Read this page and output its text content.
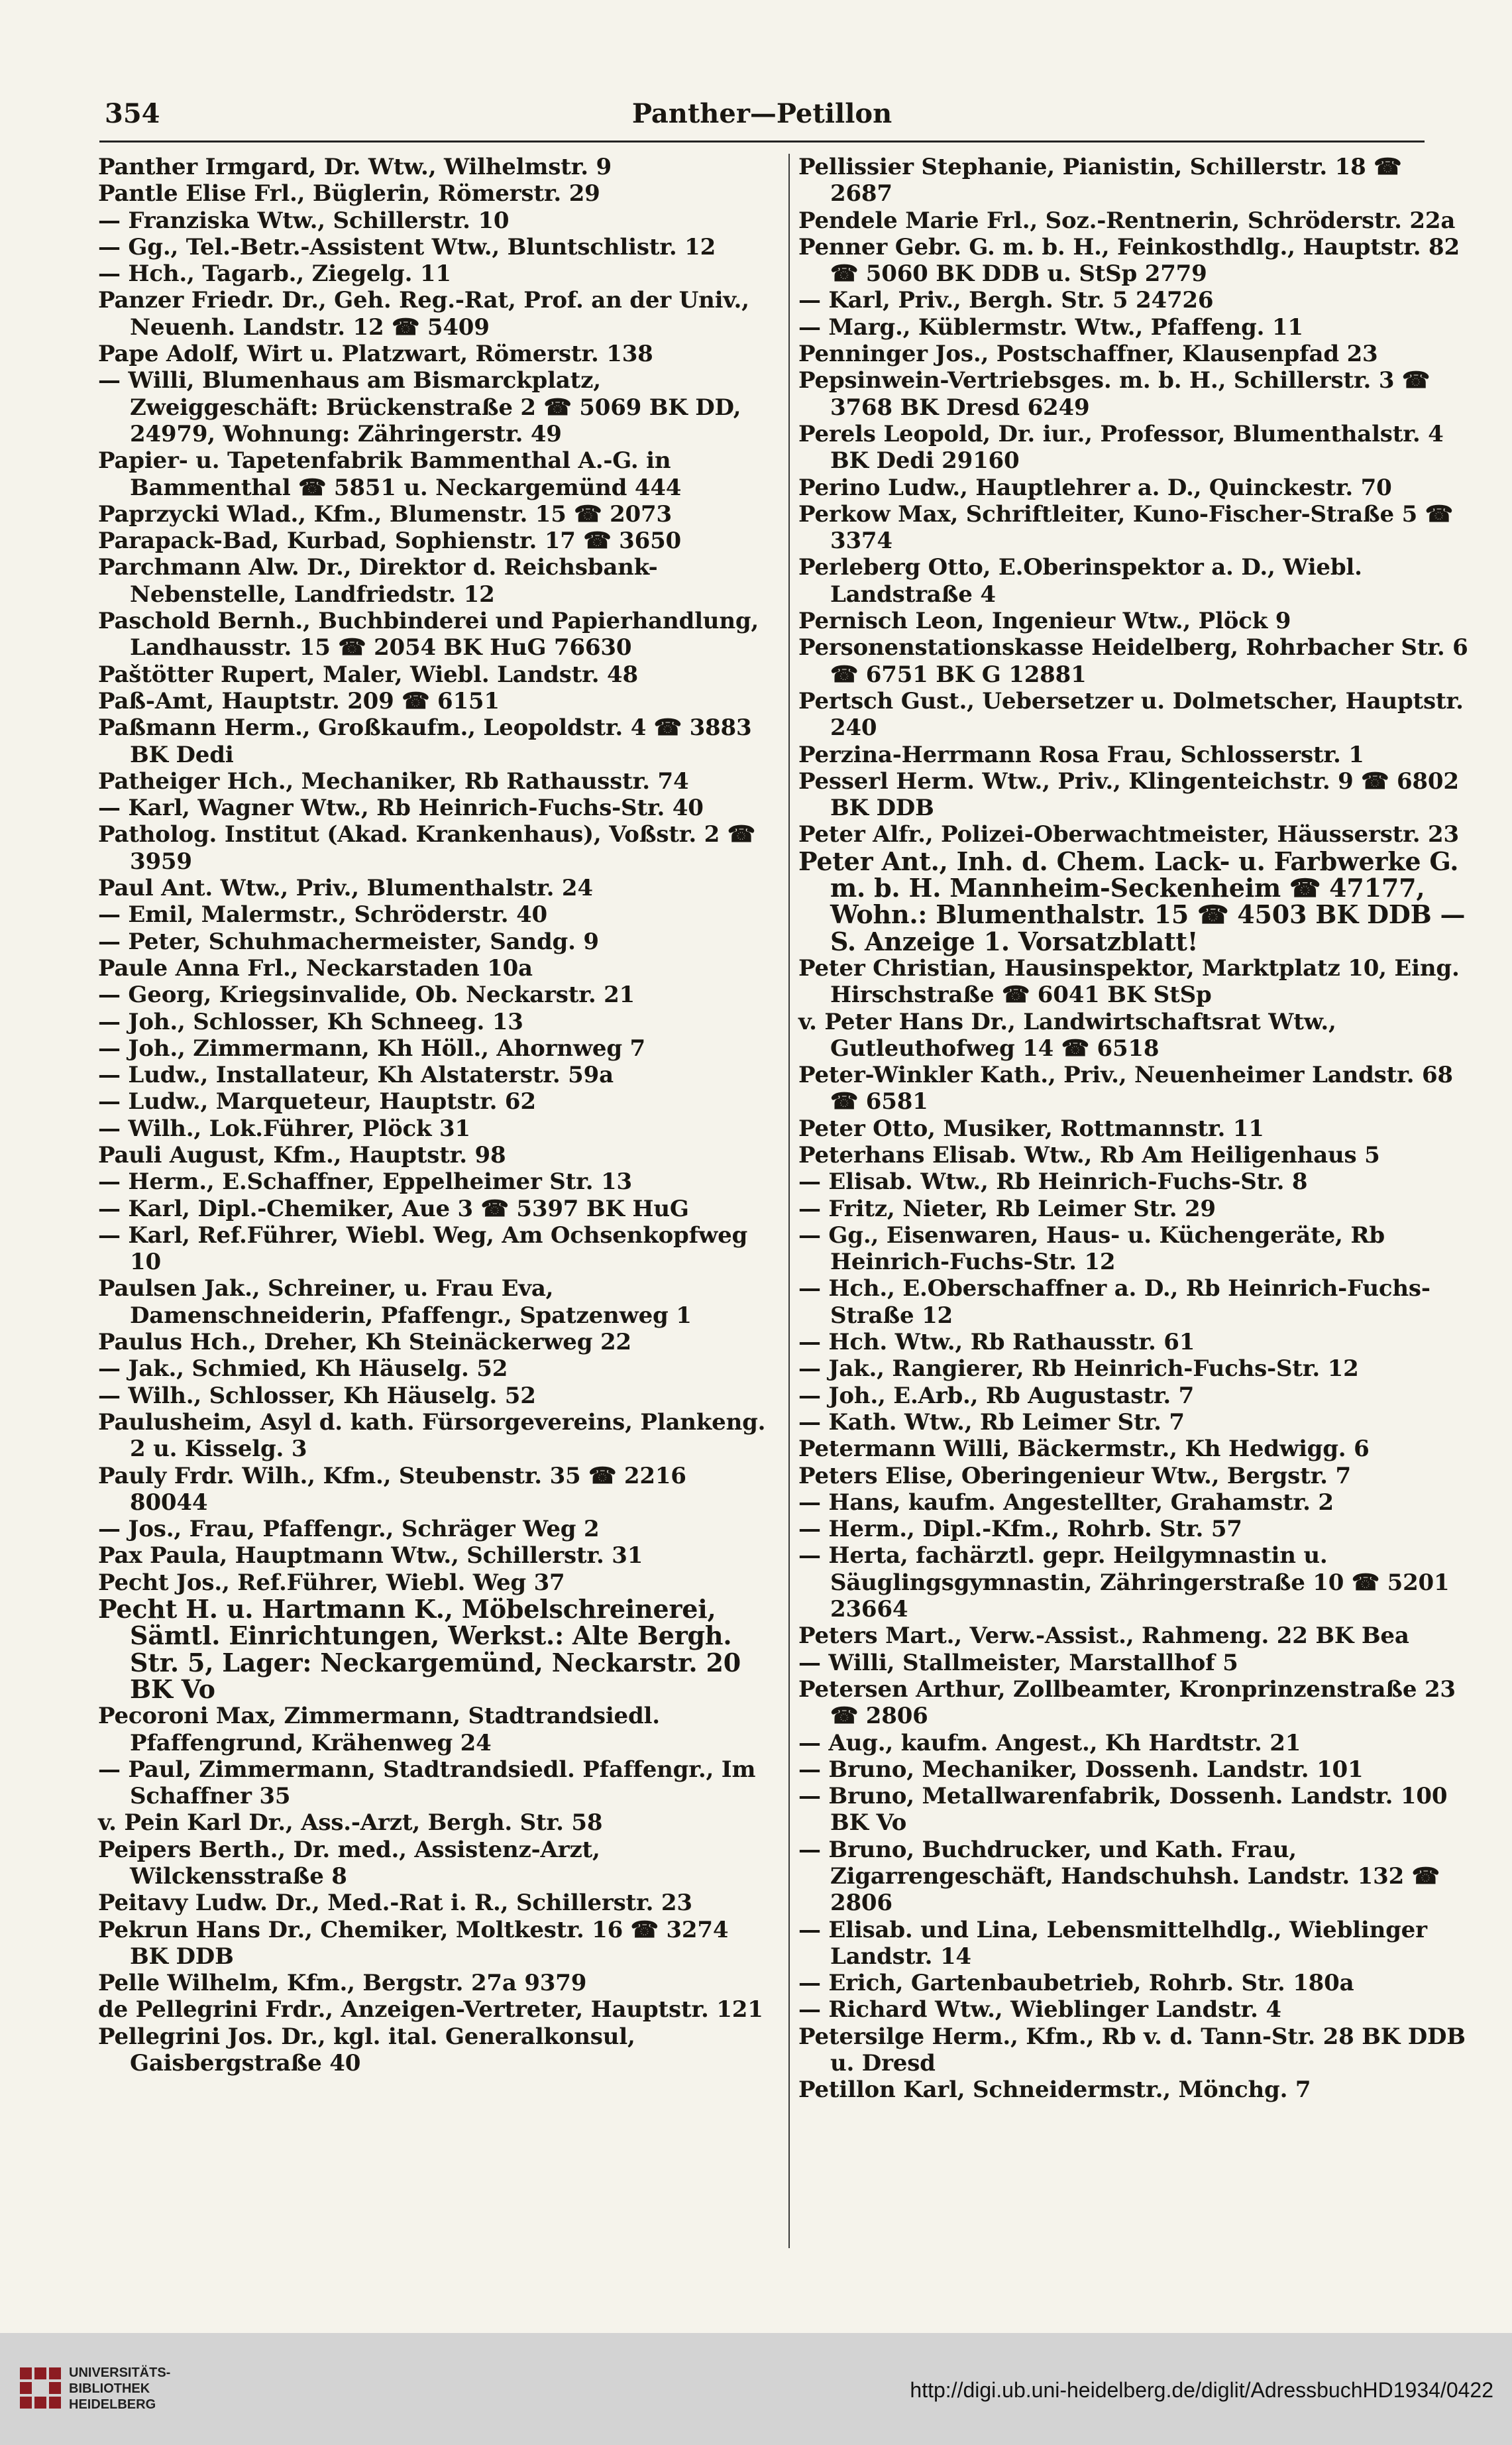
354	Panther—Petillon
Panther Irmgard, Dr. Wtw., Wilhelmstr. 9
Pantle Elise Frl., Büglerin, Römerstr. 29
— Franziska Wtw., Schillerstr. 10
— Gg., Tel.-Betr.-Assistent Wtw., Bluntschlistr. 12
— Hch., Tagarb., Ziegelg. 11
Panzer Friedr. Dr., Geh. Reg.-Rat, Prof. an der Univ., Neuenh. Landstr. 12 ☎ 5409
Pape Adolf, Wirt u. Platzwart, Römerstr. 138
— Willi, Blumenhaus am Bismarckplatz, Zweiggeschäft: Brückenstraße 2 ☎ 5069 BK DD, 24979, Wohnung: Zähringerstr. 49
Papier- u. Tapetenfabrik Bammenthal A.-G. in Bammenthal ☎ 5851 u. Neckargemünd 444
Paprzycki Wlad., Kfm., Blumenstr. 15 ☎ 2073
Parapack-Bad, Kurbad, Sophienstr. 17 ☎ 3650
Parchmann Alw. Dr., Direktor d. Reichsbank-Nebenstelle, Landfriedstr. 12
Paschold Bernh., Buchbinderei und Papierhandlung, Landhausstr. 15 ☎ 2054 BK HuG 76630
Paštötter Rupert, Maler, Wiebl. Landstr. 48
Paß-Amt, Hauptstr. 209 ☎ 6151
Paßmann Herm., Großkaufm., Leopoldstr. 4 ☎ 3883 BK Dedi
Patheiger Hch., Mechaniker, Rb Rathausstr. 74
— Karl, Wagner Wtw., Rb Heinrich-Fuchs-Str. 40
Patholog. Institut (Akad. Krankenhaus), Voßstr. 2 ☎ 3959
Paul Ant. Wtw., Priv., Blumenthalstr. 24
— Emil, Malermstr., Schröderstr. 40
— Peter, Schuhmachermeister, Sandg. 9
Paule Anna Frl., Neckarstaden 10a
— Georg, Kriegsinvalide, Ob. Neckarstr. 21
— Joh., Schlosser, Kh Schneeg. 13
— Joh., Zimmermann, Kh Höll., Ahornweg 7
— Ludw., Installateur, Kh Alstaterstr. 59a
— Ludw., Marqueteur, Hauptstr. 62
— Wilh., Lok.Führer, Plöck 31
Pauli August, Kfm., Hauptstr. 98
— Herm., E.Schaffner, Eppelheimer Str. 13
— Karl, Dipl.-Chemiker, Aue 3 ☎ 5397 BK HuG
— Karl, Ref.Führer, Wiebl. Weg, Am Ochsenkopfweg 10
Paulsen Jak., Schreiner, u. Frau Eva, Damenschneiderin, Pfaffengr., Spatzenweg 1
Paulus Hch., Dreher, Kh Steinäckerweg 22
— Jak., Schmied, Kh Häuselg. 52
— Wilh., Schlosser, Kh Häuselg. 52
Paulusheim, Asyl d. kath. Fürsorgevereins, Plankeng. 2 u. Kisselg. 3
Pauly Frdr. Wilh., Kfm., Steubenstr. 35 ☎ 2216 80044
— Jos., Frau, Pfaffengr., Schräger Weg 2
Pax Paula, Hauptmann Wtw., Schillerstr. 31
Pecht Jos., Ref.Führer, Wiebl. Weg 37
Pecht H. u. Hartmann K., Möbelschreinerei, Sämtl. Einrichtungen, Werkst.: Alte Bergh. Str. 5, Lager: Neckargemünd, Neckarstr. 20 BK Vo
Pecoroni Max, Zimmermann, Stadtrandsiedl. Pfaffengrund, Krähenweg 24
— Paul, Zimmermann, Stadtrandsiedl. Pfaffengr., Im Schaffner 35
v. Pein Karl Dr., Ass.-Arzt, Bergh. Str. 58
Peipers Berth., Dr. med., Assistenz-Arzt, Wilckensstraße 8
Peitavy Ludw. Dr., Med.-Rat i. R., Schillerstr. 23
Pekrun Hans Dr., Chemiker, Moltkestr. 16 ☎ 3274 BK DDB
Pelle Wilhelm, Kfm., Bergstr. 27a 9379
de Pellegrini Frdr., Anzeigen-Vertreter, Hauptstr. 121
Pellegrini Jos. Dr., kgl. ital. Generalkonsul, Gaisbergstraße 40
Pellissier Stephanie, Pianistin, Schillerstr. 18 ☎ 2687
Pendele Marie Frl., Soz.-Rentnerin, Schröderstr. 22a
Penner Gebr. G. m. b. H., Feinkosthdlg., Hauptstr. 82 ☎ 5060 BK DDB u. StSp 2779
— Karl, Priv., Bergh. Str. 5 24726
— Marg., Küblermstr. Wtw., Pfaffeng. 11
Penninger Jos., Postschaffner, Klausenpfad 23
Pepsinwein-Vertriebsges. m. b. H., Schillerstr. 3 ☎ 3768 BK Dresd 6249
Perels Leopold, Dr. iur., Professor, Blumenthalstr. 4 BK Dedi 29160
Perino Ludw., Hauptlehrer a. D., Quinckestr. 70
Perkow Max, Schriftleiter, Kuno-Fischer-Straße 5 ☎ 3374
Perleberg Otto, E.Oberinspektor a. D., Wiebl. Landstraße 4
Pernisch Leon, Ingenieur Wtw., Plöck 9
Personenstationskasse Heidelberg, Rohrbacher Str. 6 ☎ 6751 BK G 12881
Pertsch Gust., Uebersetzer u. Dolmetscher, Hauptstr. 240
Perzina-Herrmann Rosa Frau, Schlosserstr. 1
Pesserl Herm. Wtw., Priv., Klingenteichstr. 9 ☎ 6802 BK DDB
Peter Alfr., Polizei-Oberwachtmeister, Häusserstr. 23
Peter Ant., Inh. d. Chem. Lack- u. Farbwerke G. m. b. H. Mannheim-Seckenheim ☎ 47177, Wohn.: Blumenthalstr. 15 ☎ 4503 BK DDB — S. Anzeige 1. Vorsatzblatt!
Peter Christian, Hausinspektor, Marktplatz 10, Eing. Hirschstraße ☎ 6041 BK StSp
v. Peter Hans Dr., Landwirtschaftsrat Wtw., Gutleuthofweg 14 ☎ 6518
Peter-Winkler Kath., Priv., Neuenheimer Landstr. 68 ☎ 6581
Peter Otto, Musiker, Rottmannstr. 11
Peterhans Elisab. Wtw., Rb Am Heiligenhaus 5
— Elisab. Wtw., Rb Heinrich-Fuchs-Str. 8
— Fritz, Nieter, Rb Leimer Str. 29
— Gg., Eisenwaren, Haus- u. Küchengeräte, Rb Heinrich-Fuchs-Str. 12
— Hch., E.Oberschaffner a. D., Rb Heinrich-Fuchs-Straße 12
— Hch. Wtw., Rb Rathausstr. 61
— Jak., Rangierer, Rb Heinrich-Fuchs-Str. 12
— Joh., E.Arb., Rb Augustastr. 7
— Kath. Wtw., Rb Leimer Str. 7
Petermann Willi, Bäckermstr., Kh Hedwigg. 6
Peters Elise, Oberingenieur Wtw., Bergstr. 7
— Hans, kaufm. Angestellter, Grahamstr. 2
— Herm., Dipl.-Kfm., Rohrb. Str. 57
— Herta, fachärztl. gepr. Heilgymnastin u. Säuglingsgymnastin, Zähringerstraße 10 ☎ 5201 23664
Peters Mart., Verw.-Assist., Rahmeng. 22 BK Bea
— Willi, Stallmeister, Marstallhof 5
Petersen Arthur, Zollbeamter, Kronprinzenstraße 23 ☎ 2806
— Aug., kaufm. Angest., Kh Hardtstr. 21
— Bruno, Mechaniker, Dossenh. Landstr. 101
— Bruno, Metallwarenfabrik, Dossenh. Landstr. 100 BK Vo
— Bruno, Buchdrucker, und Kath. Frau, Zigarrengeschäft, Handschuhsh. Landstr. 132 ☎ 2806
— Elisab. und Lina, Lebensmittelhdlg., Wieblinger Landstr. 14
— Erich, Gartenbaubetrieb, Rohrb. Str. 180a
— Richard Wtw., Wieblinger Landstr. 4
Petersilge Herm., Kfm., Rb v. d. Tann-Str. 28 BK DDB u. Dresd
Petillon Karl, Schneidermstr., Mönchg. 7
UNIVERSITÄTS-
BIBLIOTHEK
HEIDELBERG
http://digi.ub.uni-heidelberg.de/diglit/AdressbuchHD1934/0422
